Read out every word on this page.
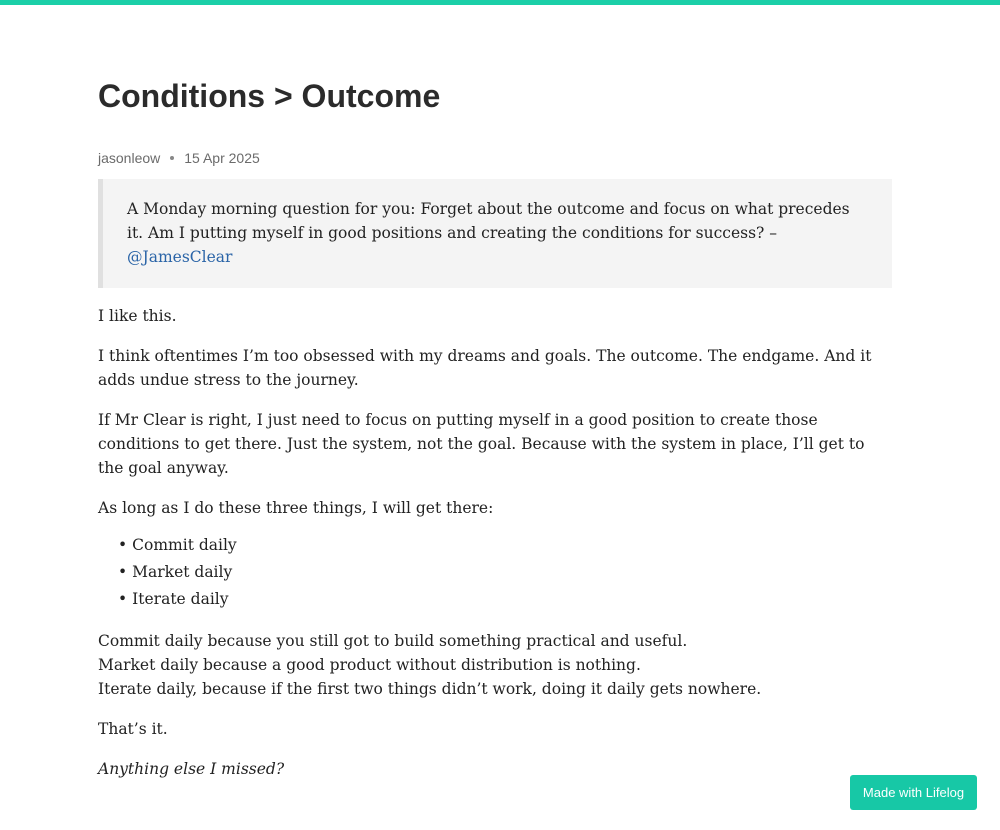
Conditions > Outcome
jasonleow 15 Apr 2025
A Monday morning question for you: Forget about the outcome and focus on what precedes it. Am I putting myself in good positions and creating the conditions for success? – @JamesClear

I like this.

I think oftentimes I’m too obsessed with my dreams and goals. The outcome. The endgame. And it adds undue stress to the journey.

If Mr Clear is right, I just need to focus on putting myself in a good position to create those conditions to get there. Just the system, not the goal. Because with the system in place, I’ll get to the goal anyway.

As long as I do these three things, I will get there:

• Commit daily
• Market daily
• Iterate daily

Commit daily because you still got to build something practical and useful.
Market daily because a good product without distribution is nothing.
Iterate daily, because if the first two things didn’t work, doing it daily gets nowhere.

That’s it.

Anything else I missed?

Made with Lifelog
